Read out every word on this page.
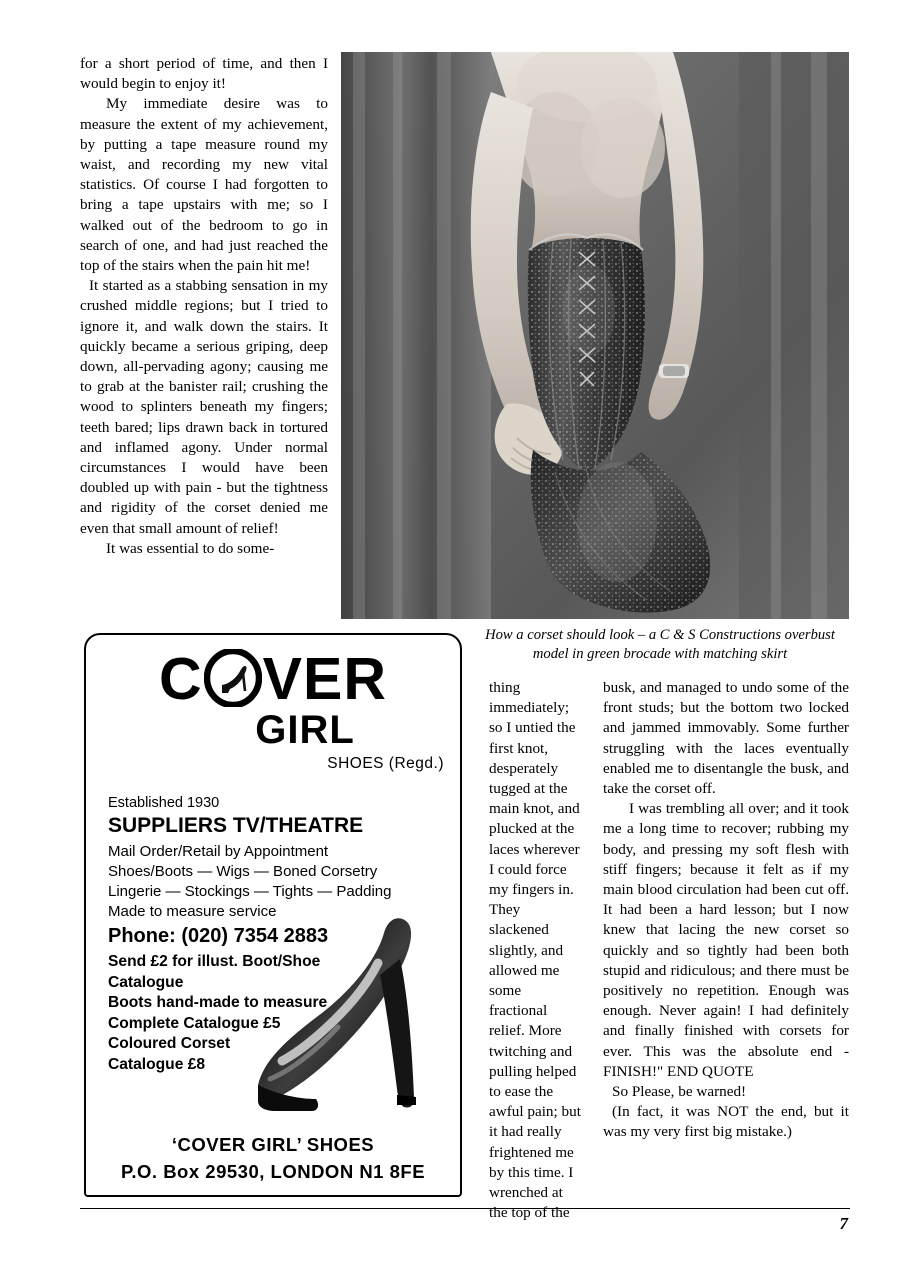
for a short period of time, and then I would begin to enjoy it!

My immediate desire was to measure the extent of my achievement, by putting a tape measure round my waist, and recording my new vital statistics. Of course I had forgotten to bring a tape upstairs with me; so I walked out of the bedroom to go in search of one, and had just reached the top of the stairs when the pain hit me!

It started as a stabbing sensation in my crushed middle regions; but I tried to ignore it, and walk down the stairs. It quickly became a serious griping, deep down, all-pervading agony; causing me to grab at the banister rail; crushing the wood to splinters beneath my fingers; teeth bared; lips drawn back in tortured and inflamed agony. Under normal circumstances I would have been doubled up with pain - but the tightness and rigidity of the corset denied me even that small amount of relief!

It was essential to do some-

How a corset should look – a C & S Constructions overbust model in green brocade with matching skirt
C VER
GIRL
SHOES (Regd.)
Established 1930
SUPPLIERS TV/THEATRE
Mail Order/Retail by Appointment
Shoes/Boots — Wigs — Boned Corsetry
Lingerie — Stockings — Tights — Padding
Made to measure service
Phone: (020) 7354 2883
Send £2 for illust. Boot/Shoe
Catalogue
Boots hand-made to measure
Complete Catalogue £5
Coloured Corset
Catalogue £8
‘COVER GIRL’ SHOES
P.O. Box 29530, LONDON N1 8FE

thing immediately; so I untied the first knot, desperately tugged at the main knot, and plucked at the laces wherever I could force my fingers in. They slackened slightly, and allowed me some fractional relief. More twitching and pulling helped to ease the awful pain; but it had really frightened me by this time. I wrenched at the top of the

busk, and managed to undo some of the front studs; but the bottom two locked and jammed immovably. Some further struggling with the laces eventually enabled me to disentangle the busk, and take the corset off.

I was trembling all over; and it took me a long time to recover; rubbing my body, and pressing my soft flesh with stiff fingers; because it felt as if my main blood circulation had been cut off. It had been a hard lesson; but I now knew that lacing the new corset so quickly and so tightly had been both stupid and ridiculous; and there must be positively no repetition. Enough was enough. Never again! I had definitely and finally finished with corsets for ever. This was the absolute end - FINISH!" END QUOTE

So Please, be warned!

(In fact, it was NOT the end, but it was my very first big mistake.)

7
